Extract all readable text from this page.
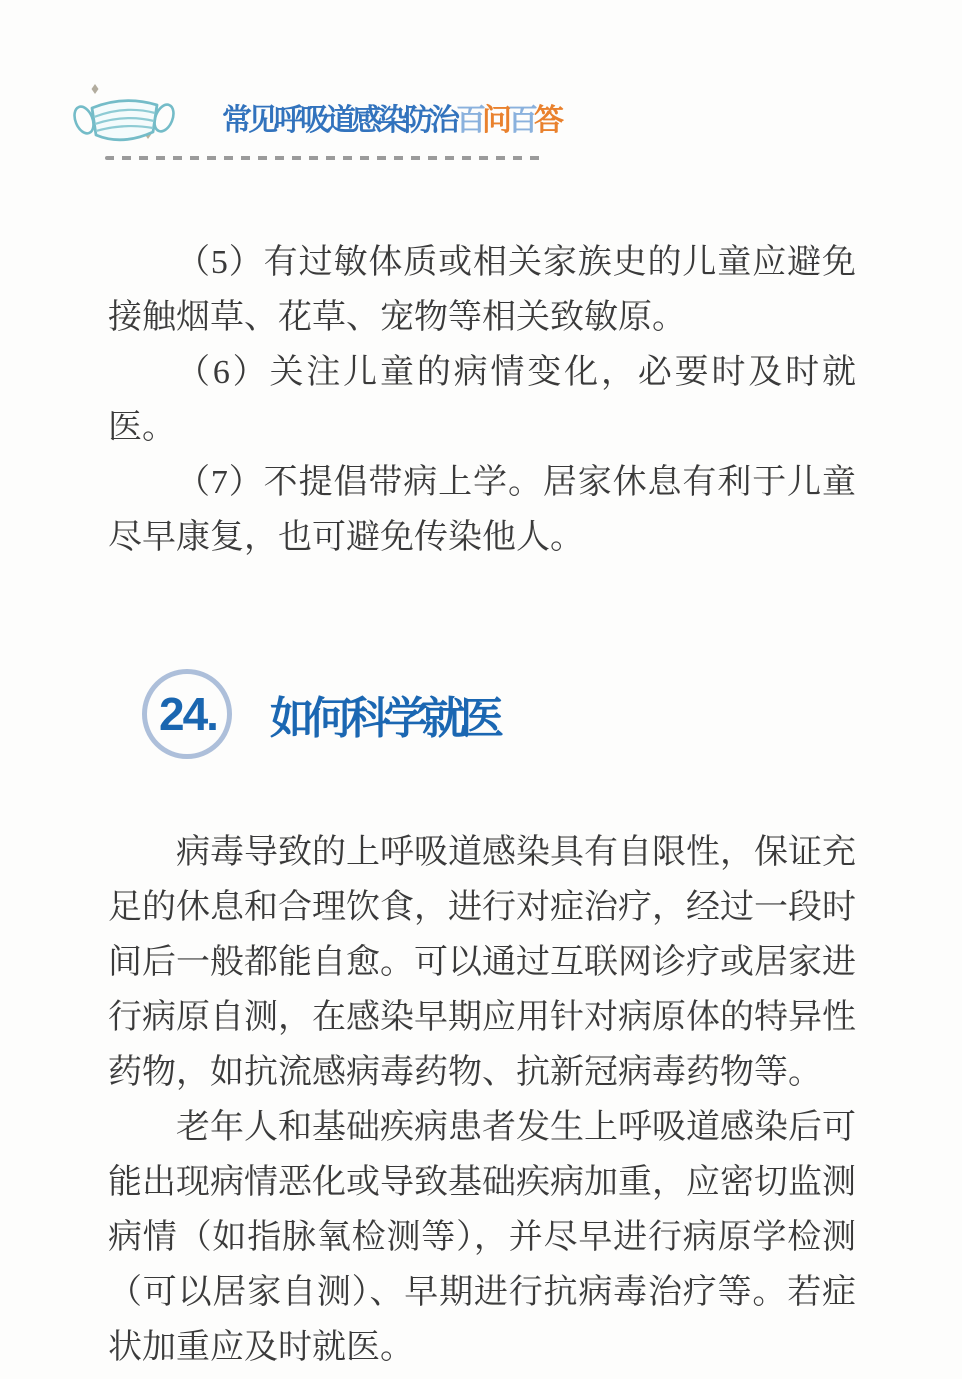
常见呼吸道感染防治百问百答

（5）有过敏体质或相关家族史的儿童应避免接触烟草、花草、宠物等相关致敏原。

（6）关注儿童的病情变化，必要时及时就医。

（7）不提倡带病上学。居家休息有利于儿童尽早康复，也可避免传染他人。

24. 如何科学就医

病毒导致的上呼吸道感染具有自限性，保证充足的休息和合理饮食，进行对症治疗，经过一段时间后一般都能自愈。可以通过互联网诊疗或居家进行病原自测，在感染早期应用针对病原体的特异性药物，如抗流感病毒药物、抗新冠病毒药物等。

老年人和基础疾病患者发生上呼吸道感染后可能出现病情恶化或导致基础疾病加重，应密切监测病情（如指脉氧检测等），并尽早进行病原学检测（可以居家自测）、早期进行抗病毒治疗等。若症状加重应及时就医。
